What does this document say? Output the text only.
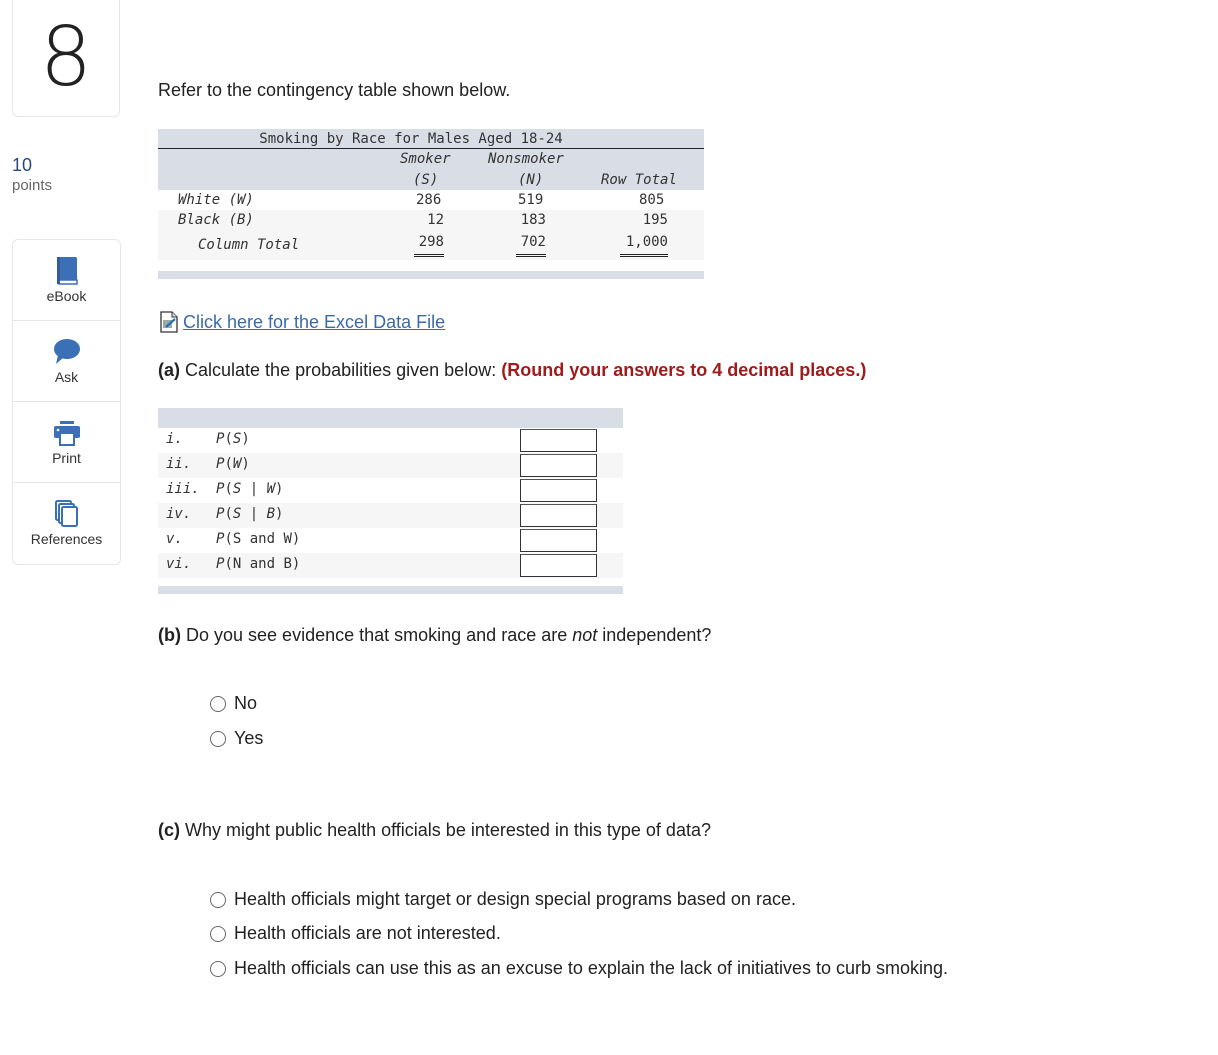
8
10
points
eBook
Ask
Print
References
Refer to the contingency table shown below.
Smoking by Race for Males Aged 18-24
Smoker
(S)
Nonsmoker
(N)	Row Total
White (W)	286	519	805
Black (B)	12	183	195
Column Total	298	702	1,000
Click here for the Excel Data File
(a) Calculate the probabilities given below: (Round your answers to 4 decimal places.)
i. P(S)
ii. P(W)
iii. P(S | W)
iv. P(S | B)
v. P(S and W)
vi. P(N and B)
(b) Do you see evidence that smoking and race are not independent?
No
Yes
(c) Why might public health officials be interested in this type of data?
Health officials might target or design special programs based on race.
Health officials are not interested.
Health officials can use this as an excuse to explain the lack of initiatives to curb smoking.
